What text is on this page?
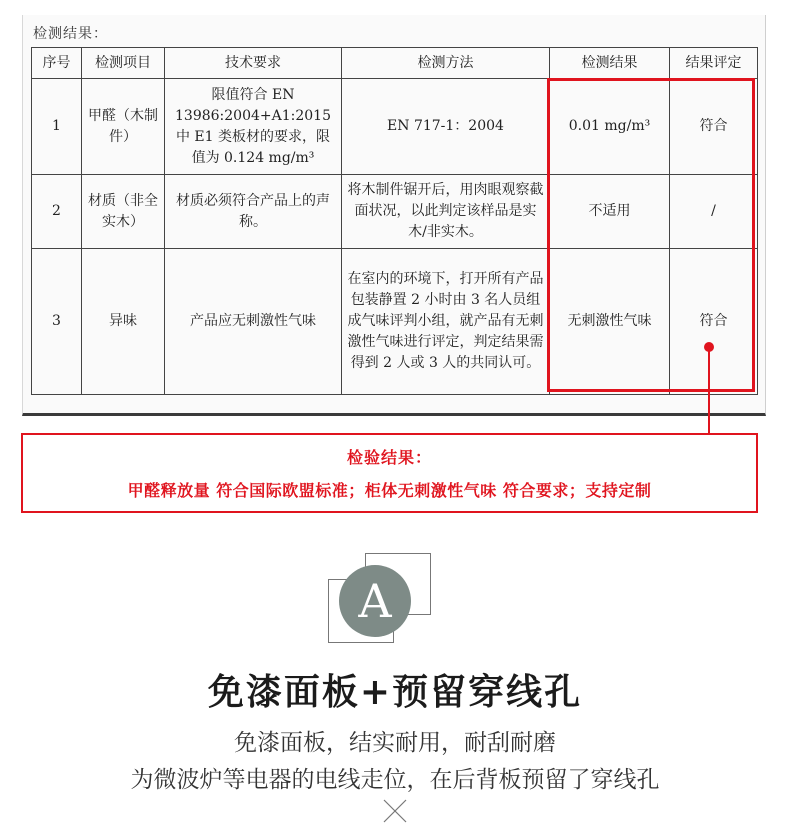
检测结果：
序号	检测项目	技术要求	检测方法	检测结果	结果评定
1	甲醛（木制件）	限值符合 EN 13986:2004+A1:2015 中 E1 类板材的要求，限值为 0.124 mg/m³	EN 717-1：2004	0.01 mg/m³	符合
2	材质（非全实木）	材质必须符合产品上的声称。	将木制件锯开后，用肉眼观察截面状况，以此判定该样品是实木/非实木。	不适用	/
3	异味	产品应无刺激性气味	在室内的环境下，打开所有产品包装静置 2 小时由 3 名人员组成气味评判小组，就产品有无刺激性气味进行评定，判定结果需得到 2 人或 3 人的共同认可。	无刺激性气味	符合
检验结果：
甲醛释放量 符合国际欧盟标准；柜体无刺激性气味 符合要求；支持定制
A
免漆面板+预留穿线孔
免漆面板，结实耐用，耐刮耐磨
为微波炉等电器的电线走位，在后背板预留了穿线孔
